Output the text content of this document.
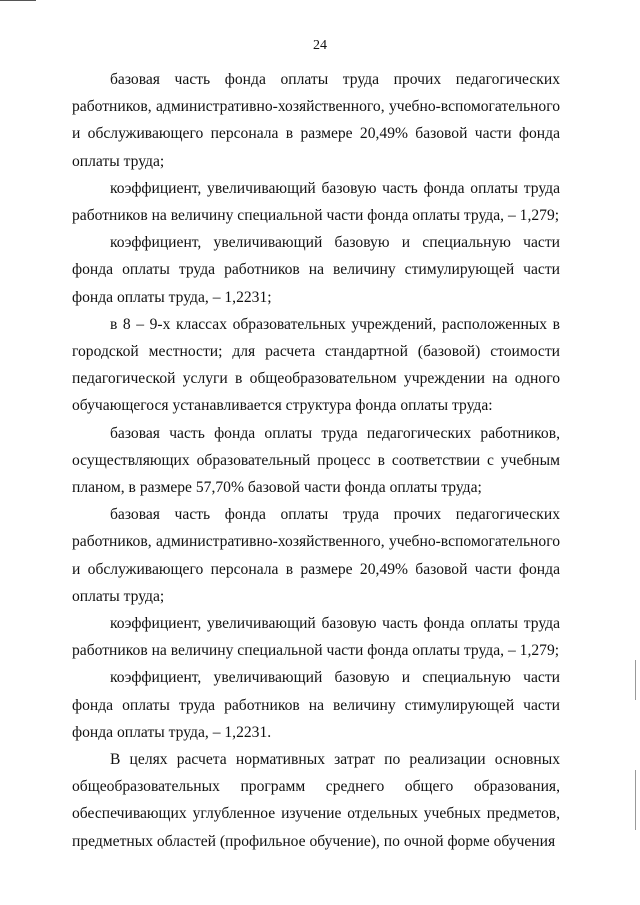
24

базовая часть фонда оплаты труда прочих педагогических работников, административно-хозяйственного, учебно-вспомогательного и обслуживающего персонала в размере 20,49% базовой части фонда оплаты труда;

коэффициент, увеличивающий базовую часть фонда оплаты труда работников на величину специальной части фонда оплаты труда, – 1,279;

коэффициент, увеличивающий базовую и специальную части фонда оплаты труда работников на величину стимулирующей части фонда оплаты труда, – 1,2231;

в 8 – 9-х классах образовательных учреждений, расположенных в городской местности; для расчета стандартной (базовой) стоимости педагогической услуги в общеобразовательном учреждении на одного обучающегося устанавливается структура фонда оплаты труда:

базовая часть фонда оплаты труда педагогических работников, осуществляющих образовательный процесс в соответствии с учебным планом, в размере 57,70% базовой части фонда оплаты труда;

базовая часть фонда оплаты труда прочих педагогических работников, административно-хозяйственного, учебно-вспомогательного и обслуживающего персонала в размере 20,49% базовой части фонда оплаты труда;

коэффициент, увеличивающий базовую часть фонда оплаты труда работников на величину специальной части фонда оплаты труда, – 1,279;

коэффициент, увеличивающий базовую и специальную части фонда оплаты труда работников на величину стимулирующей части фонда оплаты труда, – 1,2231.

В целях расчета нормативных затрат по реализации основных общеобразовательных программ среднего общего образования, обеспечивающих углубленное изучение отдельных учебных предметов, предметных областей (профильное обучение), по очной форме обучения
